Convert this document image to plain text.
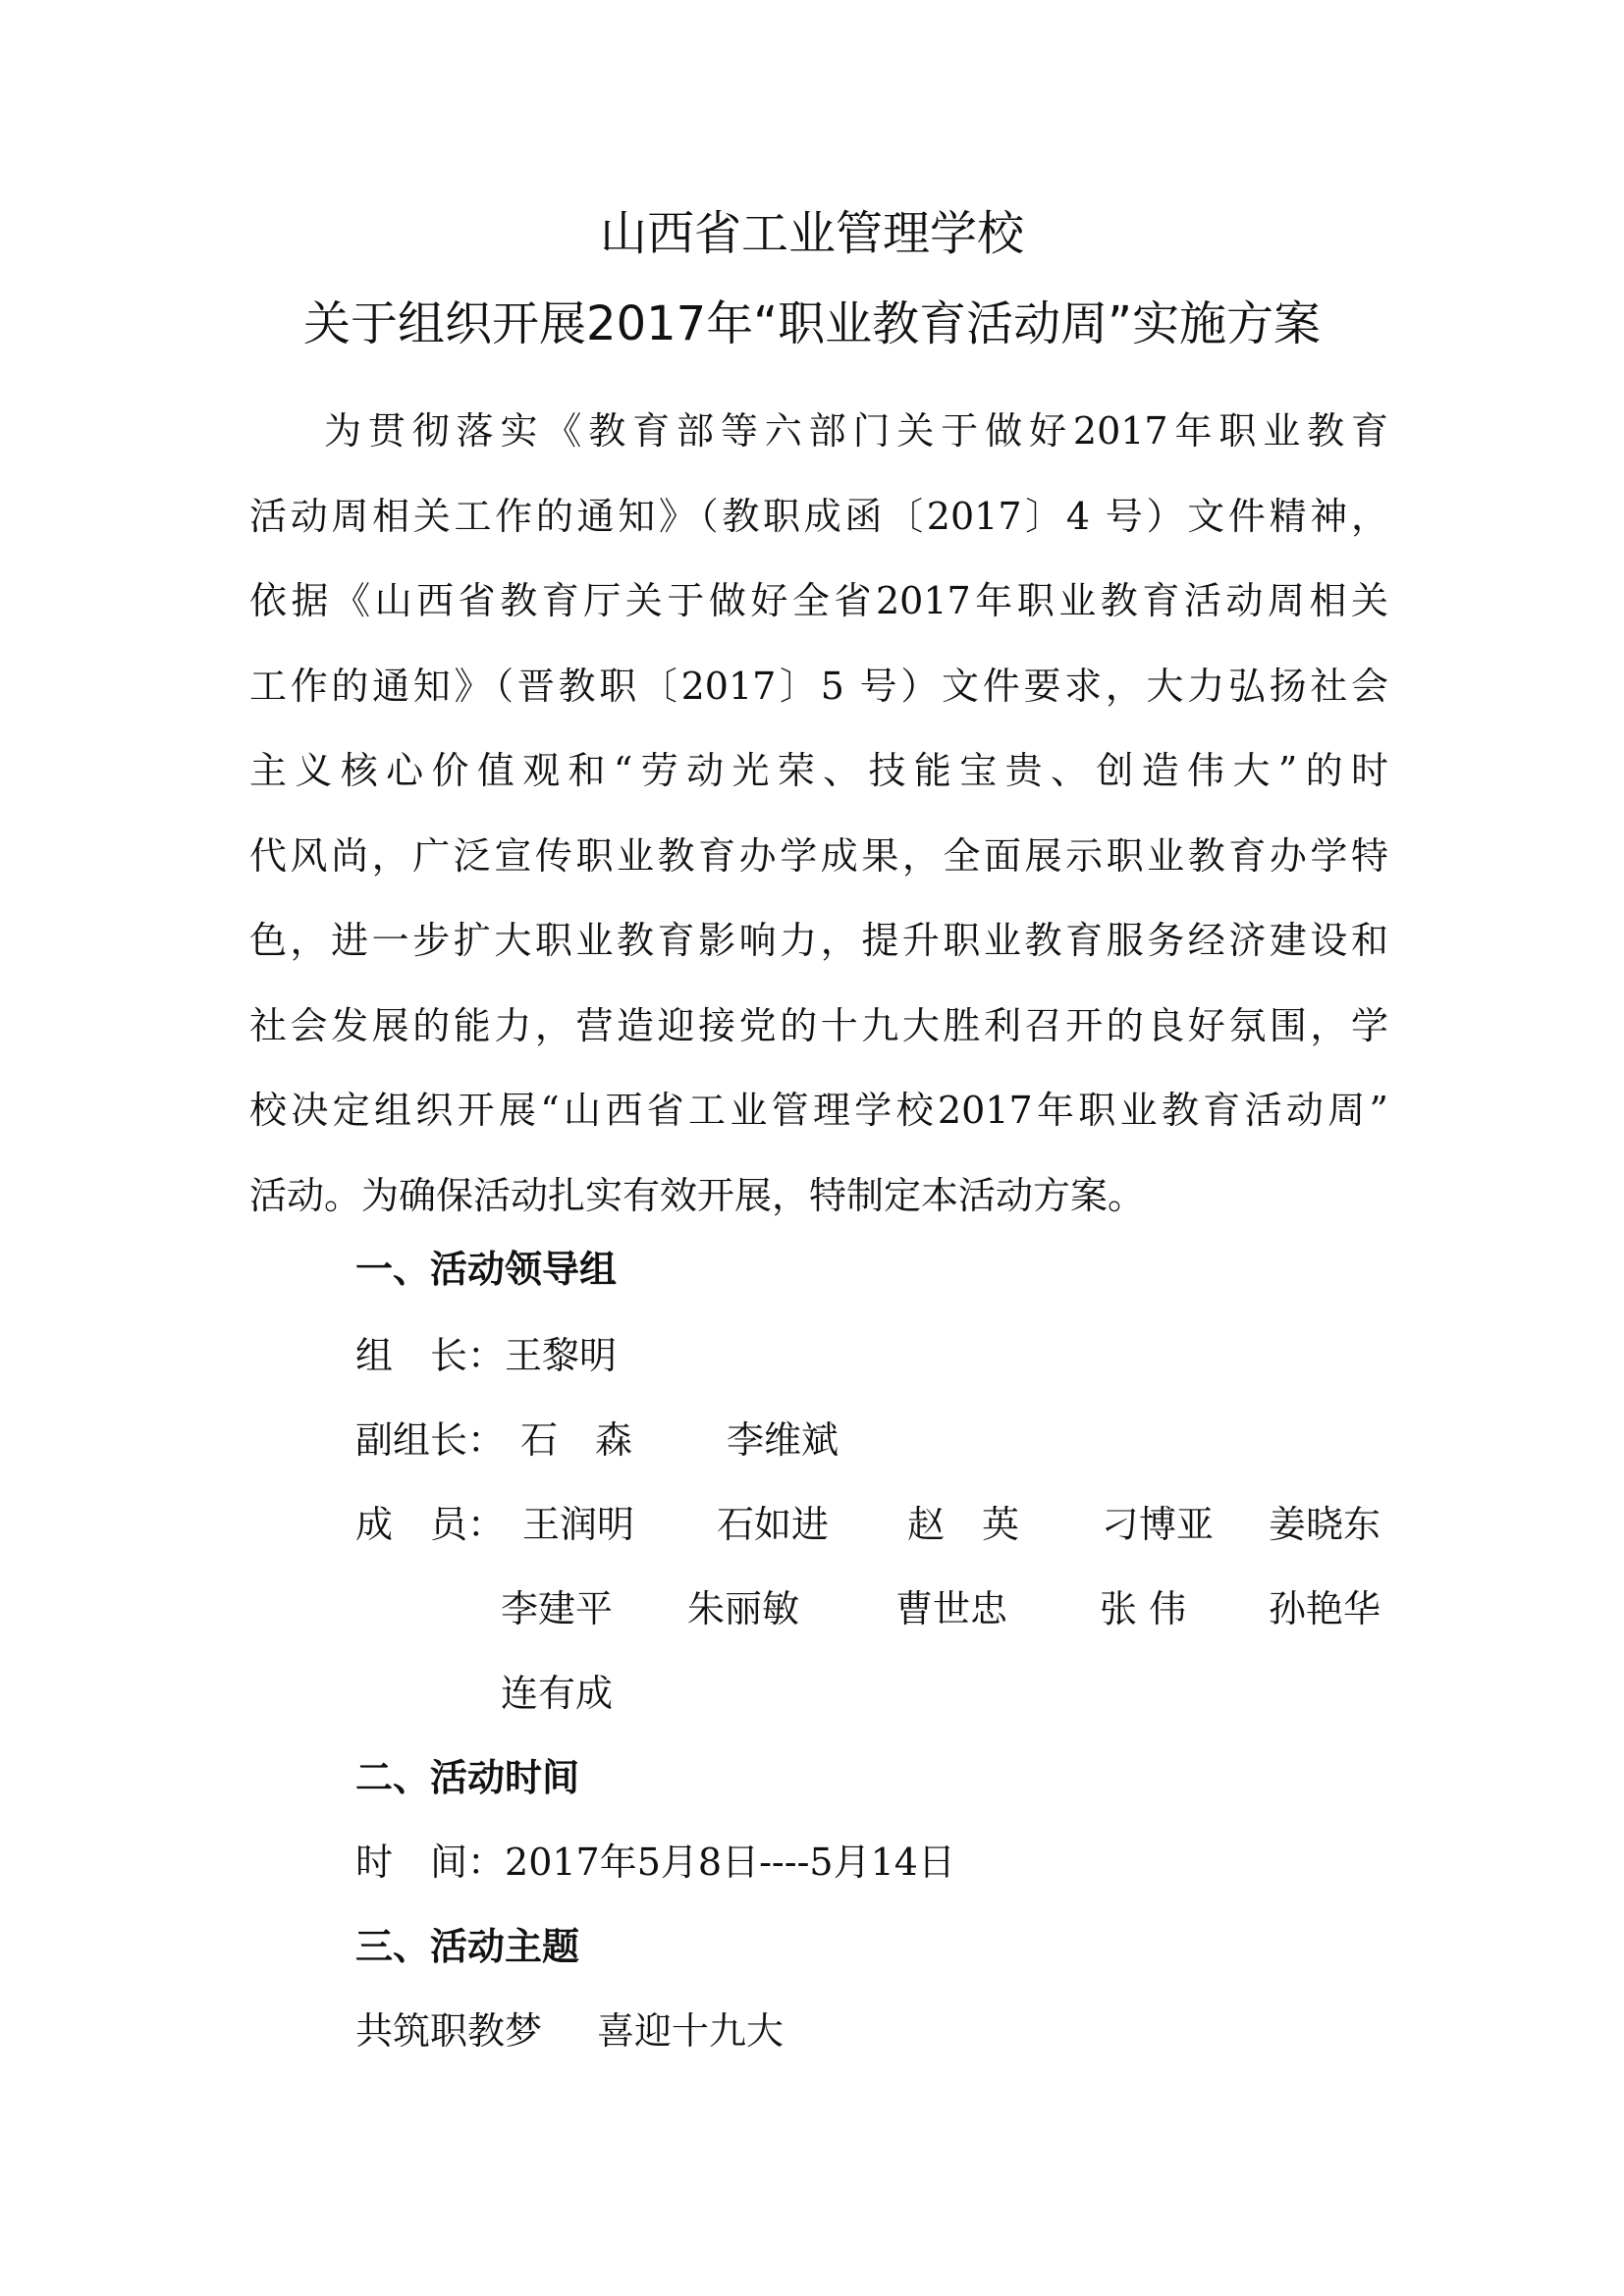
山西省工业管理学校
关于组织开展2017年“职业教育活动周”实施方案
为贯彻落实《教育部等六部门关于做好2017年职业教育
活动周相关工作的通知》（教职成函〔2017〕4 号）文件精神，
依据《山西省教育厅关于做好全省2017年职业教育活动周相关
工作的通知》（晋教职〔2017〕5 号）文件要求，大力弘扬社会
主义核心价值观和“劳动光荣、技能宝贵、创造伟大”的时
代风尚，广泛宣传职业教育办学成果，全面展示职业教育办学特
色，进一步扩大职业教育影响力，提升职业教育服务经济建设和
社会发展的能力，营造迎接党的十九大胜利召开的良好氛围，学
校决定组织开展“山西省工业管理学校2017年职业教育活动周”
活动。为确保活动扎实有效开展，特制定本活动方案。
一、活动领导组
组　长：王黎明
副组长： 石　森	李维斌
成　员： 王润明 石如进 赵　英 刁博亚 姜晓东
李建平 朱丽敏	曹世忠 张 伟 孙艳华
连有成
二、活动时间
时　间：2017年5月8日----5月14日
三、活动主题
共筑职教梦 喜迎十九大
